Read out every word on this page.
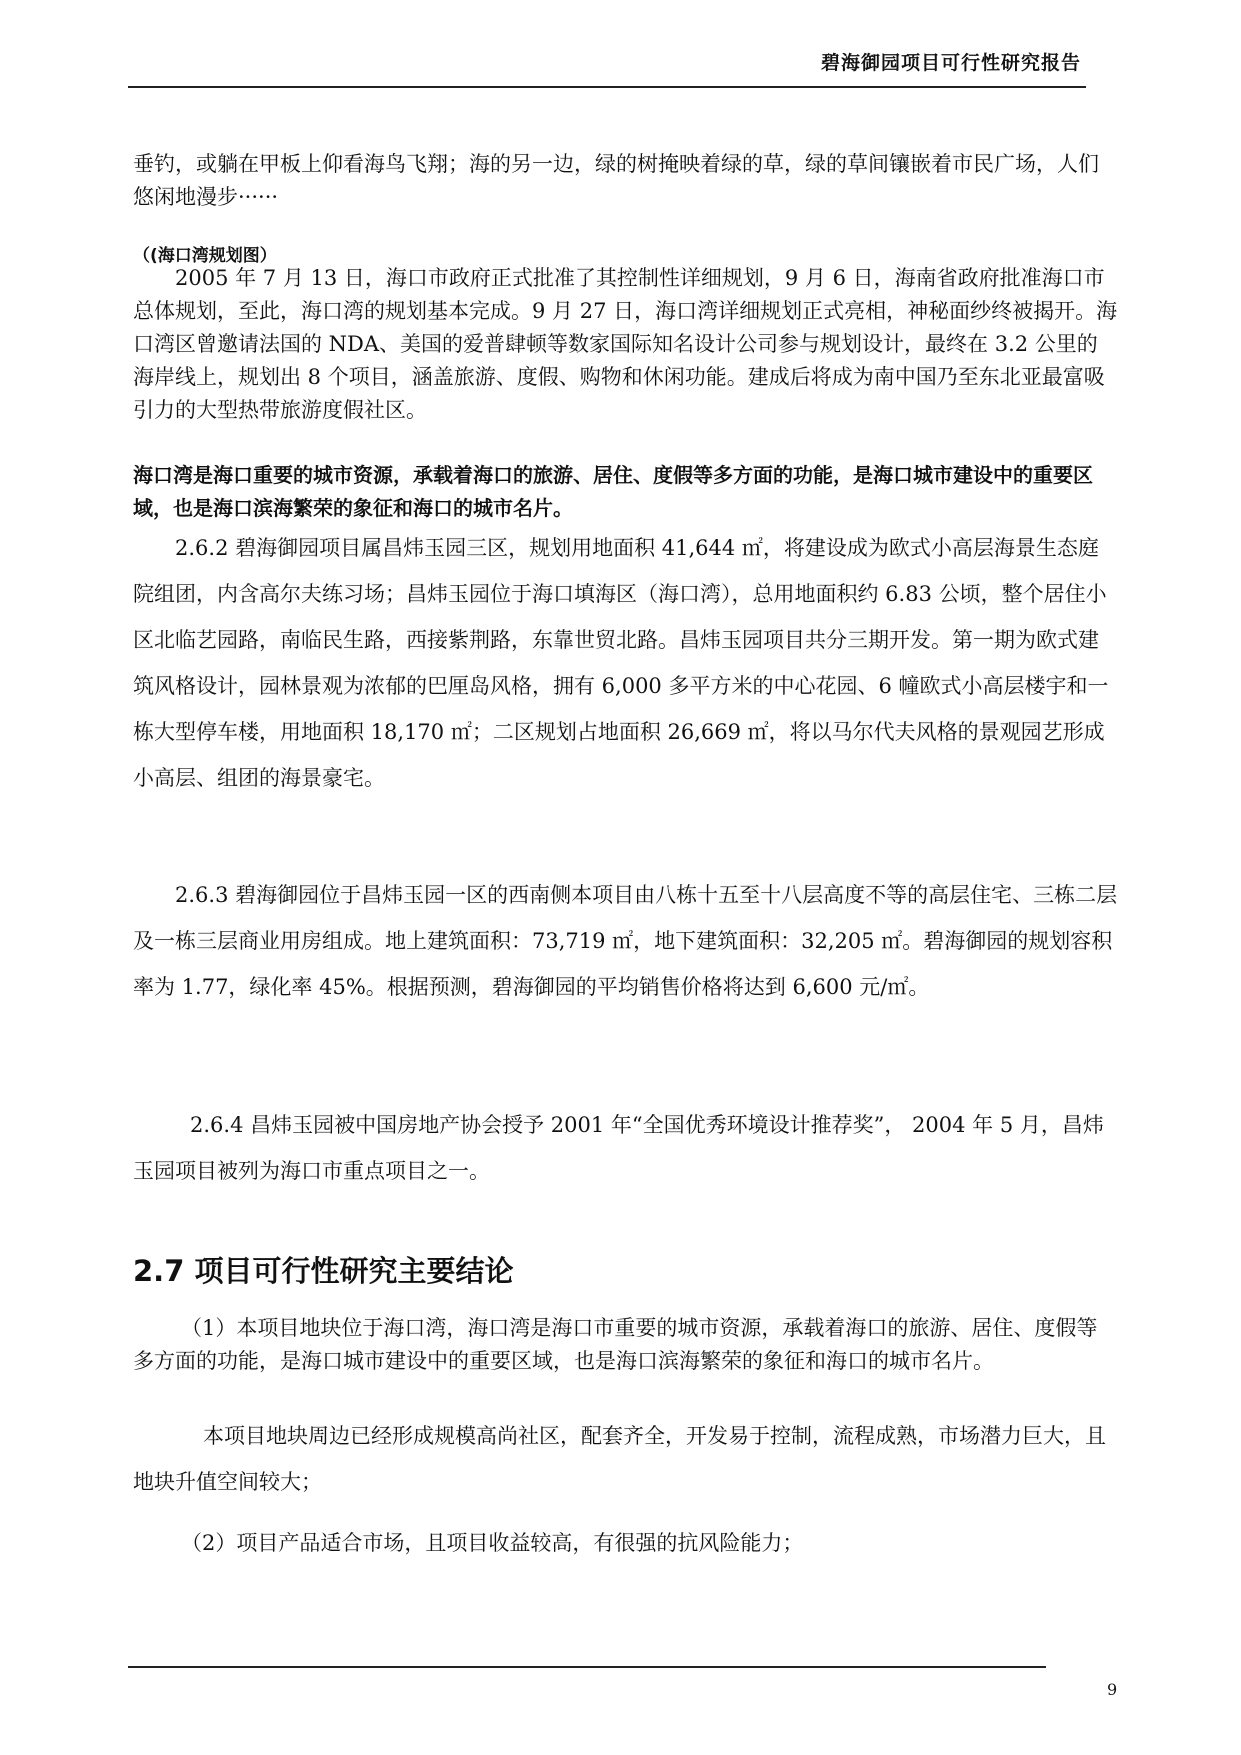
碧海御园项目可行性研究报告

垂钓，或躺在甲板上仰看海鸟飞翔；海的另一边，绿的树掩映着绿的草，绿的草间镶嵌着市民广场，人们悠闲地漫步······

（(海口湾规划图）

2005 年 7 月 13 日，海口市政府正式批准了其控制性详细规划，9 月 6 日，海南省政府批准海口市总体规划，至此，海口湾的规划基本完成。9 月 27 日，海口湾详细规划正式亮相，神秘面纱终被揭开。海口湾区曾邀请法国的 NDA、美国的爱普肆顿等数家国际知名设计公司参与规划设计，最终在 3.2 公里的海岸线上，规划出 8 个项目，涵盖旅游、度假、购物和休闲功能。建成后将成为南中国乃至东北亚最富吸引力的大型热带旅游度假社区。

海口湾是海口重要的城市资源，承载着海口的旅游、居住、度假等多方面的功能，是海口城市建设中的重要区域，也是海口滨海繁荣的象征和海口的城市名片。

2.6.2 碧海御园项目属昌炜玉园三区，规划用地面积 41,644 ㎡，将建设成为欧式小高层海景生态庭院组团，内含高尔夫练习场；昌炜玉园位于海口填海区（海口湾），总用地面积约 6.83 公顷，整个居住小区北临艺园路，南临民生路，西接紫荆路，东靠世贸北路。昌炜玉园项目共分三期开发。第一期为欧式建筑风格设计，园林景观为浓郁的巴厘岛风格，拥有 6,000 多平方米的中心花园、6 幢欧式小高层楼宇和一栋大型停车楼，用地面积 18,170 ㎡；二区规划占地面积 26,669 ㎡，将以马尔代夫风格的景观园艺形成小高层、组团的海景豪宅。

2.6.3 碧海御园位于昌炜玉园一区的西南侧本项目由八栋十五至十八层高度不等的高层住宅、三栋二层及一栋三层商业用房组成。地上建筑面积：73,719 ㎡，地下建筑面积：32,205 ㎡。碧海御园的规划容积率为 1.77，绿化率 45%。根据预测，碧海御园的平均销售价格将达到 6,600 元/㎡。

2.6.4 昌炜玉园被中国房地产协会授予 2001 年“全国优秀环境设计推荐奖”， 2004 年 5 月，昌炜玉园项目被列为海口市重点项目之一。

2.7 项目可行性研究主要结论

（1）本项目地块位于海口湾，海口湾是海口市重要的城市资源，承载着海口的旅游、居住、度假等多方面的功能，是海口城市建设中的重要区域，也是海口滨海繁荣的象征和海口的城市名片。

本项目地块周边已经形成规模高尚社区，配套齐全，开发易于控制，流程成熟，市场潜力巨大，且地块升值空间较大；

（2）项目产品适合市场，且项目收益较高，有很强的抗风险能力；

9
